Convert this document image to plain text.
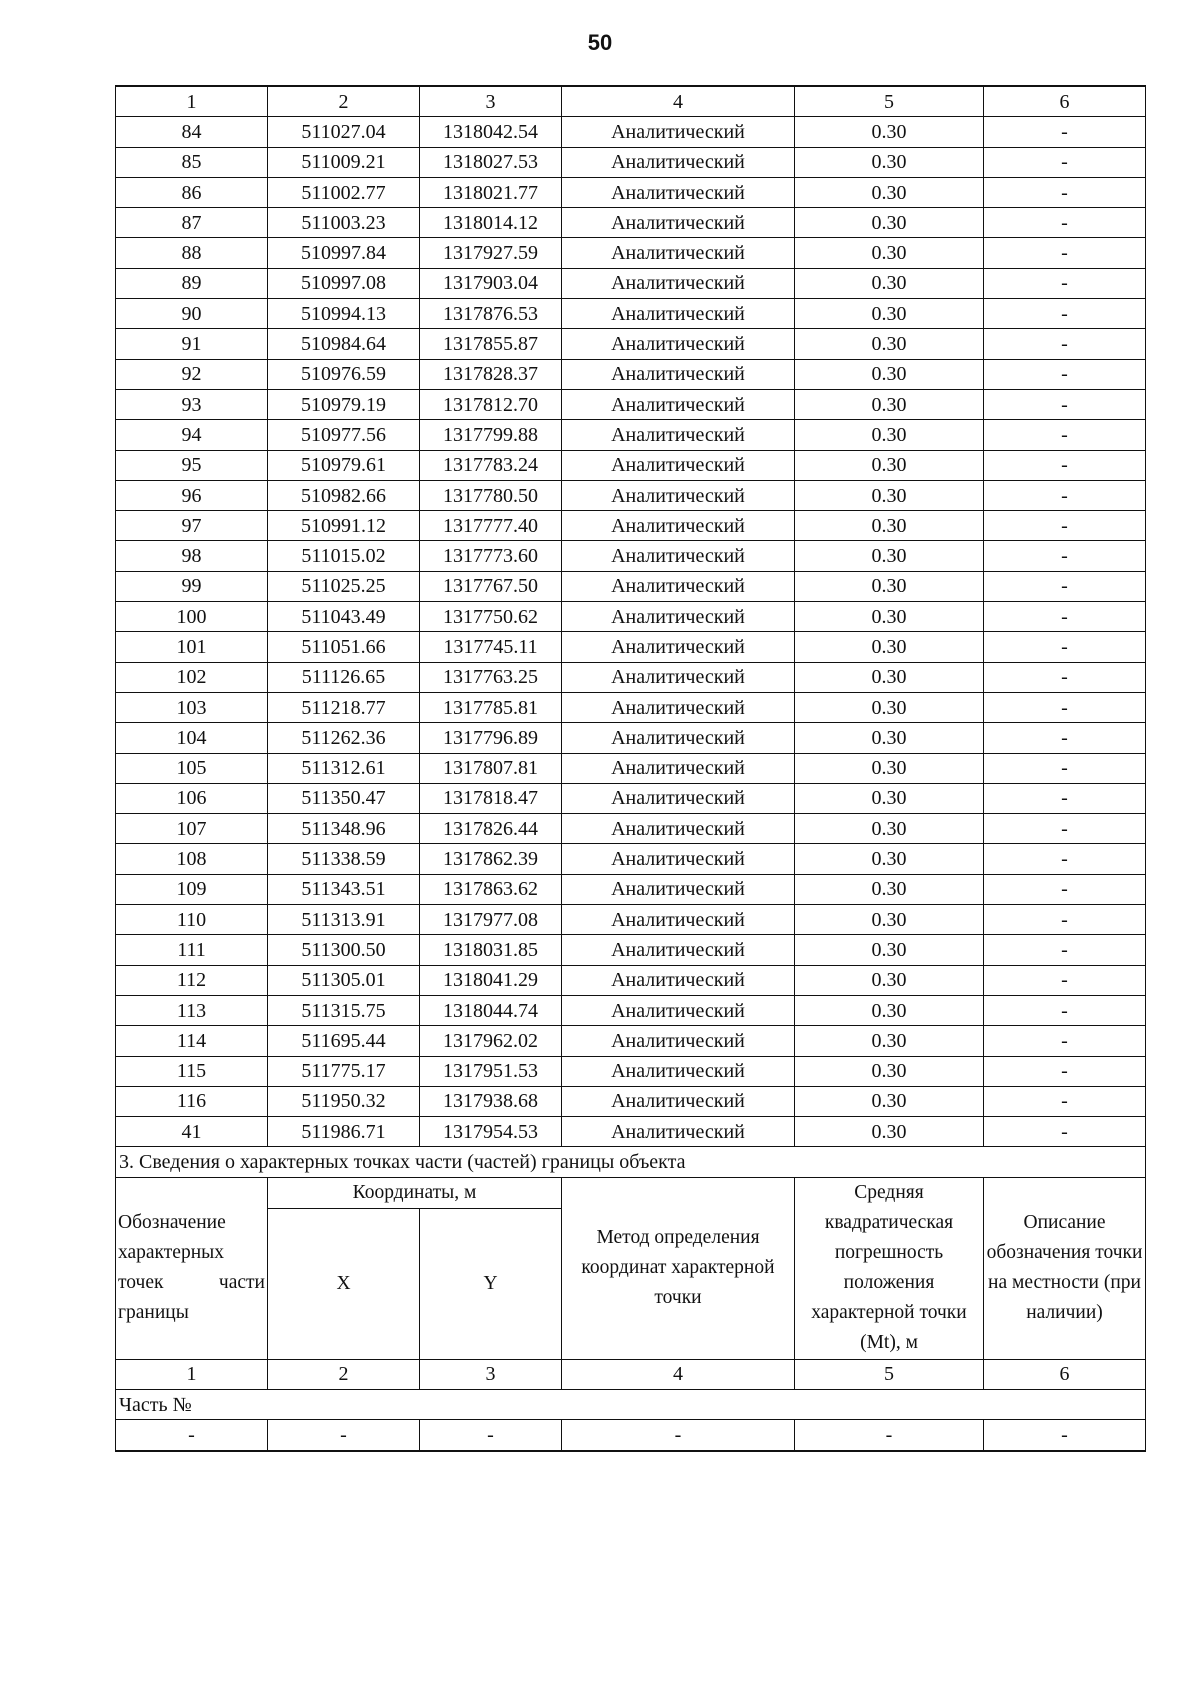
50
1	2	3	4	5	6
84	511027.04	1318042.54	Аналитический	0.30	-
85	511009.21	1318027.53	Аналитический	0.30	-
86	511002.77	1318021.77	Аналитический	0.30	-
87	511003.23	1318014.12	Аналитический	0.30	-
88	510997.84	1317927.59	Аналитический	0.30	-
89	510997.08	1317903.04	Аналитический	0.30	-
90	510994.13	1317876.53	Аналитический	0.30	-
91	510984.64	1317855.87	Аналитический	0.30	-
92	510976.59	1317828.37	Аналитический	0.30	-
93	510979.19	1317812.70	Аналитический	0.30	-
94	510977.56	1317799.88	Аналитический	0.30	-
95	510979.61	1317783.24	Аналитический	0.30	-
96	510982.66	1317780.50	Аналитический	0.30	-
97	510991.12	1317777.40	Аналитический	0.30	-
98	511015.02	1317773.60	Аналитический	0.30	-
99	511025.25	1317767.50	Аналитический	0.30	-
100	511043.49	1317750.62	Аналитический	0.30	-
101	511051.66	1317745.11	Аналитический	0.30	-
102	511126.65	1317763.25	Аналитический	0.30	-
103	511218.77	1317785.81	Аналитический	0.30	-
104	511262.36	1317796.89	Аналитический	0.30	-
105	511312.61	1317807.81	Аналитический	0.30	-
106	511350.47	1317818.47	Аналитический	0.30	-
107	511348.96	1317826.44	Аналитический	0.30	-
108	511338.59	1317862.39	Аналитический	0.30	-
109	511343.51	1317863.62	Аналитический	0.30	-
110	511313.91	1317977.08	Аналитический	0.30	-
111	511300.50	1318031.85	Аналитический	0.30	-
112	511305.01	1318041.29	Аналитический	0.30	-
113	511315.75	1318044.74	Аналитический	0.30	-
114	511695.44	1317962.02	Аналитический	0.30	-
115	511775.17	1317951.53	Аналитический	0.30	-
116	511950.32	1317938.68	Аналитический	0.30	-
41	511986.71	1317954.53	Аналитический	0.30	-
3. Сведения о характерных точках части (частей) границы объекта					
Обозначение характерных точек части границы	Координаты, м		Метод определения координат характерной точки	Средняя квадратическая погрешность положения характерной точки (Mt), м	Описание обозначения точки на местности (при наличии)
	X	Y			
1	2	3	4	5	6
Часть №					
-	-	-	-	-	-
